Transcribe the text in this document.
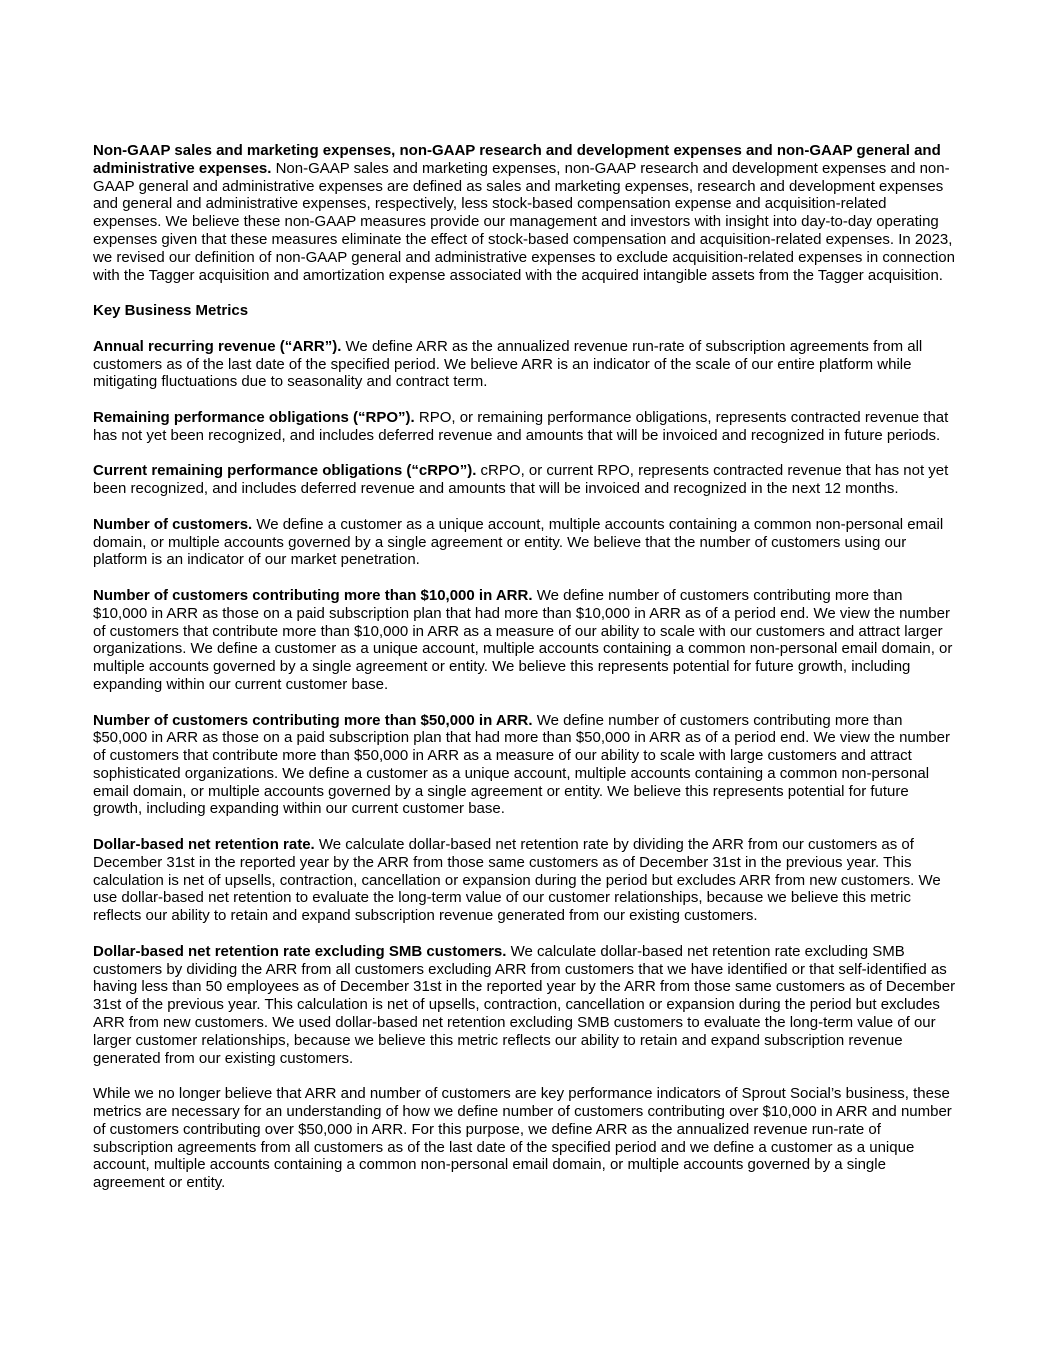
Non-GAAP sales and marketing expenses, non-GAAP research and development expenses and non-GAAP general and administrative expenses. Non-GAAP sales and marketing expenses, non-GAAP research and development expenses and non-GAAP general and administrative expenses are defined as sales and marketing expenses, research and development expenses and general and administrative expenses, respectively, less stock-based compensation expense and acquisition-related expenses. We believe these non-GAAP measures provide our management and investors with insight into day-to-day operating expenses given that these measures eliminate the effect of stock-based compensation and acquisition-related expenses. In 2023, we revised our definition of non-GAAP general and administrative expenses to exclude acquisition-related expenses in connection with the Tagger acquisition and amortization expense associated with the acquired intangible assets from the Tagger acquisition.

Key Business Metrics

Annual recurring revenue (“ARR”). We define ARR as the annualized revenue run-rate of subscription agreements from all customers as of the last date of the specified period. We believe ARR is an indicator of the scale of our entire platform while mitigating fluctuations due to seasonality and contract term.

Remaining performance obligations (“RPO”). RPO, or remaining performance obligations, represents contracted revenue that has not yet been recognized, and includes deferred revenue and amounts that will be invoiced and recognized in future periods.

Current remaining performance obligations (“cRPO”). cRPO, or current RPO, represents contracted revenue that has not yet been recognized, and includes deferred revenue and amounts that will be invoiced and recognized in the next 12 months.

Number of customers. We define a customer as a unique account, multiple accounts containing a common non-personal email domain, or multiple accounts governed by a single agreement or entity. We believe that the number of customers using our platform is an indicator of our market penetration.

Number of customers contributing more than $10,000 in ARR. We define number of customers contributing more than $10,000 in ARR as those on a paid subscription plan that had more than $10,000 in ARR as of a period end. We view the number of customers that contribute more than $10,000 in ARR as a measure of our ability to scale with our customers and attract larger organizations. We define a customer as a unique account, multiple accounts containing a common non-personal email domain, or multiple accounts governed by a single agreement or entity. We believe this represents potential for future growth, including expanding within our current customer base.

Number of customers contributing more than $50,000 in ARR. We define number of customers contributing more than $50,000 in ARR as those on a paid subscription plan that had more than $50,000 in ARR as of a period end. We view the number of customers that contribute more than $50,000 in ARR as a measure of our ability to scale with large customers and attract sophisticated organizations. We define a customer as a unique account, multiple accounts containing a common non-personal email domain, or multiple accounts governed by a single agreement or entity. We believe this represents potential for future growth, including expanding within our current customer base.

Dollar-based net retention rate. We calculate dollar-based net retention rate by dividing the ARR from our customers as of December 31st in the reported year by the ARR from those same customers as of December 31st in the previous year. This calculation is net of upsells, contraction, cancellation or expansion during the period but excludes ARR from new customers. We use dollar-based net retention to evaluate the long-term value of our customer relationships, because we believe this metric reflects our ability to retain and expand subscription revenue generated from our existing customers.

Dollar-based net retention rate excluding SMB customers. We calculate dollar-based net retention rate excluding SMB customers by dividing the ARR from all customers excluding ARR from customers that we have identified or that self-identified as having less than 50 employees as of December 31st in the reported year by the ARR from those same customers as of December 31st of the previous year. This calculation is net of upsells, contraction, cancellation or expansion during the period but excludes ARR from new customers. We used dollar-based net retention excluding SMB customers to evaluate the long-term value of our larger customer relationships, because we believe this metric reflects our ability to retain and expand subscription revenue generated from our existing customers.

While we no longer believe that ARR and number of customers are key performance indicators of Sprout Social’s business, these metrics are necessary for an understanding of how we define number of customers contributing over $10,000 in ARR and number of customers contributing over $50,000 in ARR. For this purpose, we define ARR as the annualized revenue run-rate of subscription agreements from all customers as of the last date of the specified period and we define a customer as a unique account, multiple accounts containing a common non-personal email domain, or multiple accounts governed by a single agreement or entity.
